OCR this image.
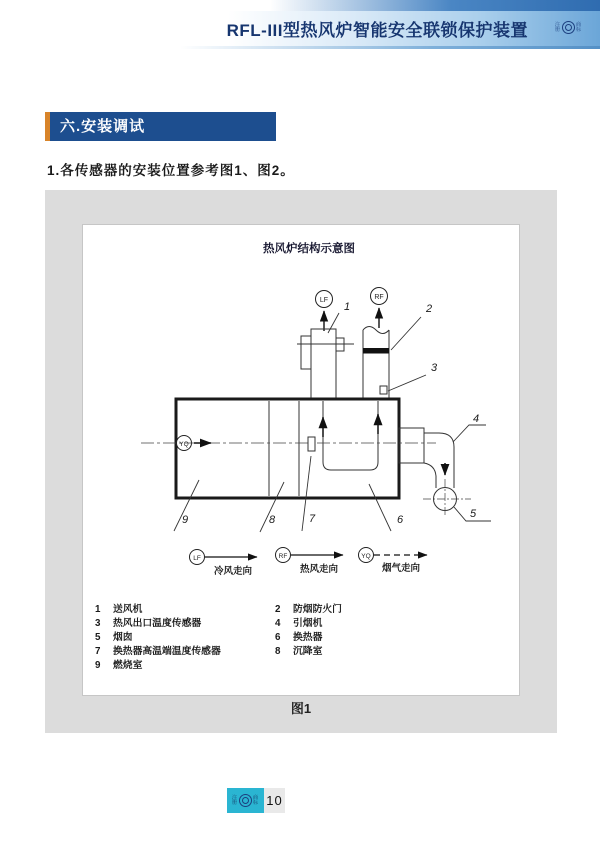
RFL-III型热风炉智能安全联锁保护装置	注册
商标
六.安装调试
1.各传感器的安装位置参考图1、图2。
热风炉结构示意图
LF	RF
YQ
1	2
3
4
5
6
7
8
9
LF
冷风走向
RF
热风走向
YQ
烟气走向
1 送风机	2 防烟防火门
3 热风出口温度传感器	4 引烟机
5 烟囱	6 换热器
7 换热器高温端温度传感器	8 沉降室
9 燃烧室
图1
注册
商标 10
